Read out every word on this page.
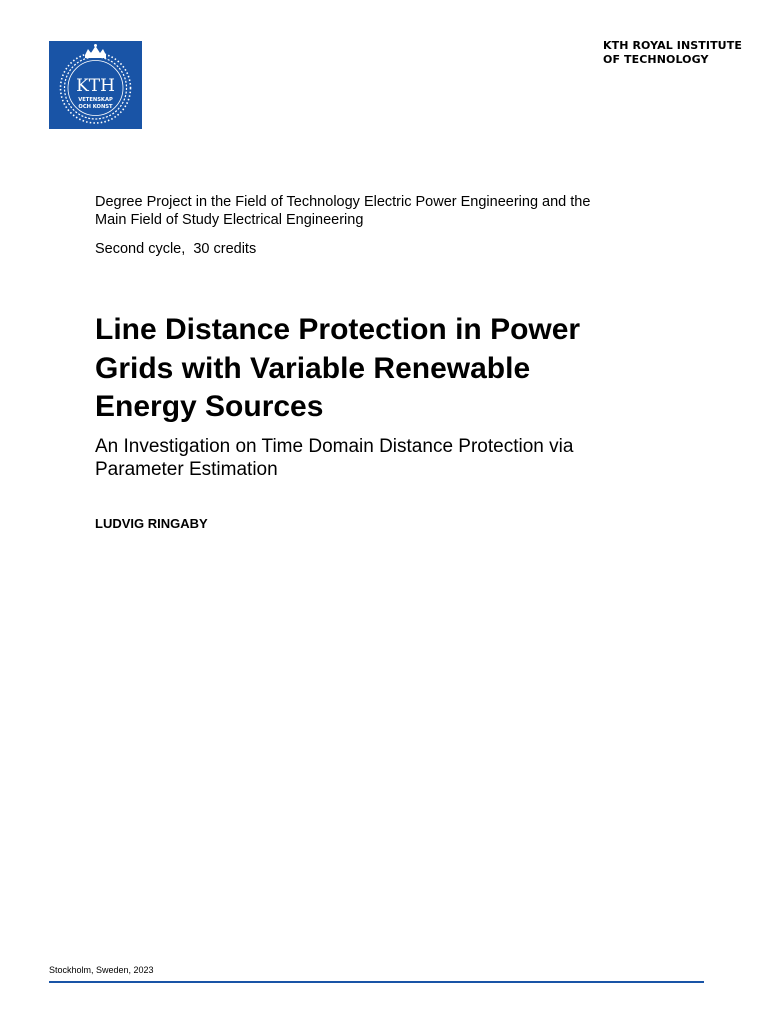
KTH
VETENSKAP
OCH KONST
KTH ROYAL INSTITUTE
OF TECHNOLOGY
Degree Project in the Field of Technology Electric Power Engineering and the
Main Field of Study Electrical Engineering
Second cycle,  30 credits
Line Distance Protection in Power
Grids with Variable Renewable
Energy Sources
An Investigation on Time Domain Distance Protection via
Parameter Estimation
LUDVIG RINGABY
Stockholm, Sweden, 2023
